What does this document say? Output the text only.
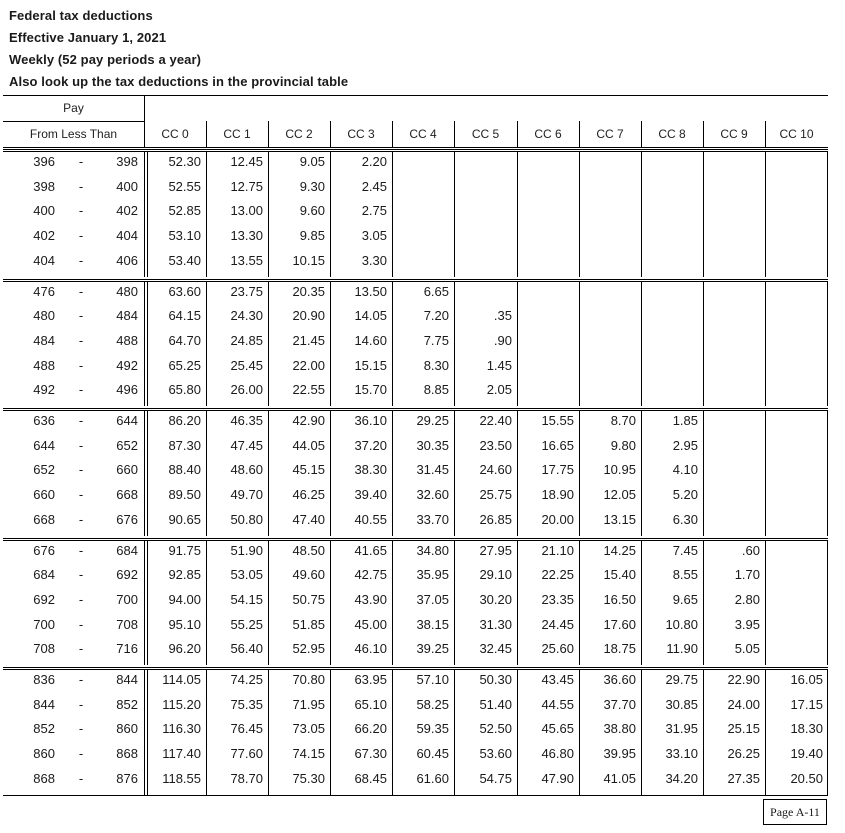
Federal tax deductions
Effective January 1, 2021
Weekly (52 pay periods a year)
Also look up the tax deductions in the provincial table
Pay
From Less Than	CC 0	CC 1	CC 2	CC 3	CC 4	CC 5	CC 6	CC 7	CC 8	CC 9	CC 10
396	-	398	52.30	12.45	9.05	2.20
398	-	400	52.55	12.75	9.30	2.45
400	-	402	52.85	13.00	9.60	2.75
402	-	404	53.10	13.30	9.85	3.05
404	-	406	53.40	13.55	10.15	3.30
476	-	480	63.60	23.75	20.35	13.50	6.65
480	-	484	64.15	24.30	20.90	14.05	7.20	.35
484	-	488	64.70	24.85	21.45	14.60	7.75	.90
488	-	492	65.25	25.45	22.00	15.15	8.30	1.45
492	-	496	65.80	26.00	22.55	15.70	8.85	2.05
636	-	644	86.20	46.35	42.90	36.10	29.25	22.40	15.55	8.70	1.85
644	-	652	87.30	47.45	44.05	37.20	30.35	23.50	16.65	9.80	2.95
652	-	660	88.40	48.60	45.15	38.30	31.45	24.60	17.75	10.95	4.10
660	-	668	89.50	49.70	46.25	39.40	32.60	25.75	18.90	12.05	5.20
668	-	676	90.65	50.80	47.40	40.55	33.70	26.85	20.00	13.15	6.30
676	-	684	91.75	51.90	48.50	41.65	34.80	27.95	21.10	14.25	7.45	.60
684	-	692	92.85	53.05	49.60	42.75	35.95	29.10	22.25	15.40	8.55	1.70
692	-	700	94.00	54.15	50.75	43.90	37.05	30.20	23.35	16.50	9.65	2.80
700	-	708	95.10	55.25	51.85	45.00	38.15	31.30	24.45	17.60	10.80	3.95
708	-	716	96.20	56.40	52.95	46.10	39.25	32.45	25.60	18.75	11.90	5.05
836	-	844	114.05	74.25	70.80	63.95	57.10	50.30	43.45	36.60	29.75	22.90	16.05
844	-	852	115.20	75.35	71.95	65.10	58.25	51.40	44.55	37.70	30.85	24.00	17.15
852	-	860	116.30	76.45	73.05	66.20	59.35	52.50	45.65	38.80	31.95	25.15	18.30
860	-	868	117.40	77.60	74.15	67.30	60.45	53.60	46.80	39.95	33.10	26.25	19.40
868	-	876	118.55	78.70	75.30	68.45	61.60	54.75	47.90	41.05	34.20	27.35	20.50
Page A-11
